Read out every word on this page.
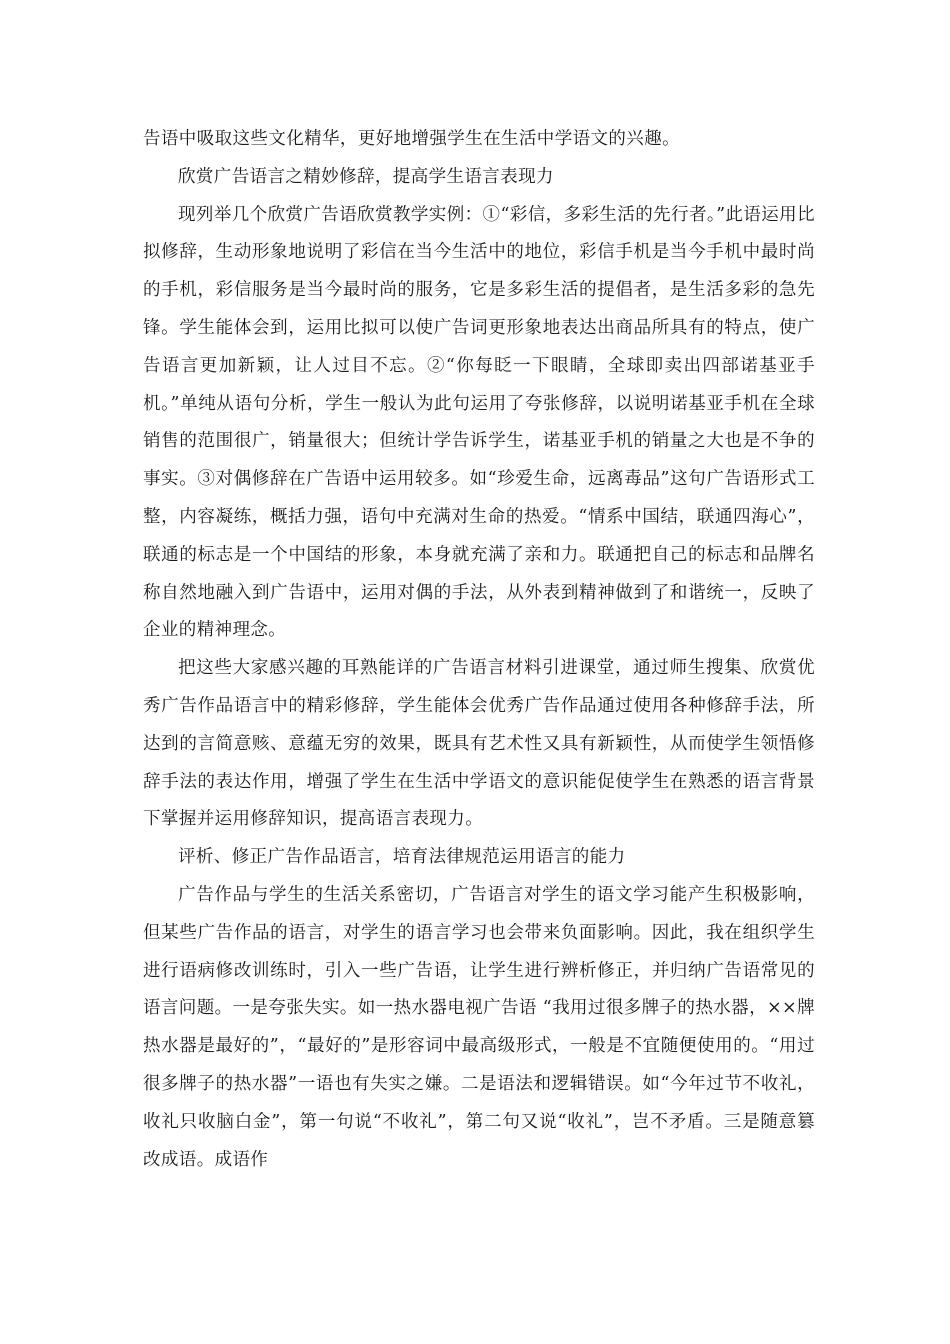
告语中吸取这些文化精华，更好地增强学生在生活中学语文的兴趣。

欣赏广告语言之精妙修辞，提高学生语言表现力

现列举几个欣赏广告语欣赏教学实例：①“彩信，多彩生活的先行者。”此语运用比拟修辞，生动形象地说明了彩信在当今生活中的地位，彩信手机是当今手机中最时尚的手机，彩信服务是当今最时尚的服务，它是多彩生活的提倡者，是生活多彩的急先锋。学生能体会到，运用比拟可以使广告词更形象地表达出商品所具有的特点，使广告语言更加新颖，让人过目不忘。②“你每眨一下眼睛，全球即卖出四部诺基亚手机。”单纯从语句分析，学生一般认为此句运用了夸张修辞，以说明诺基亚手机在全球销售的范围很广，销量很大；但统计学告诉学生，诺基亚手机的销量之大也是不争的事实。③对偶修辞在广告语中运用较多。如“珍爱生命，远离毒品”这句广告语形式工整，内容凝练，概括力强，语句中充满对生命的热爱。“情系中国结，联通四海心”， 联通的标志是一个中国结的形象，本身就充满了亲和力。联通把自己的标志和品牌名称自然地融入到广告语中，运用对偶的手法，从外表到精神做到了和谐统一，反映了企业的精神理念。

把这些大家感兴趣的耳熟能详的广告语言材料引进课堂，通过师生搜集、欣赏优秀广告作品语言中的精彩修辞，学生能体会优秀广告作品通过使用各种修辞手法，所达到的言简意赅、意蕴无穷的效果，既具有艺术性又具有新颖性，从而使学生领悟修辞手法的表达作用，增强了学生在生活中学语文的意识能促使学生在熟悉的语言背景下掌握并运用修辞知识，提高语言表现力。

评析、修正广告作品语言，培育法律规范运用语言的能力

广告作品与学生的生活关系密切，广告语言对学生的语文学习能产生积极影响，但某些广告作品的语言，对学生的语言学习也会带来负面影响。因此，我在组织学生进行语病修改训练时，引入一些广告语，让学生进行辨析修正，并归纳广告语常见的语言问题。一是夸张失实。如一热水器电视广告语 “我用过很多牌子的热水器，××牌热水器是最好的”，“最好的”是形容词中最高级形式，一般是不宜随便使用的。“用过很多牌子的热水器”一语也有失实之嫌。二是语法和逻辑错误。如“今年过节不收礼，收礼只收脑白金”，第一句说“不收礼”，第二句又说“收礼”，岂不矛盾。三是随意篡改成语。成语作
